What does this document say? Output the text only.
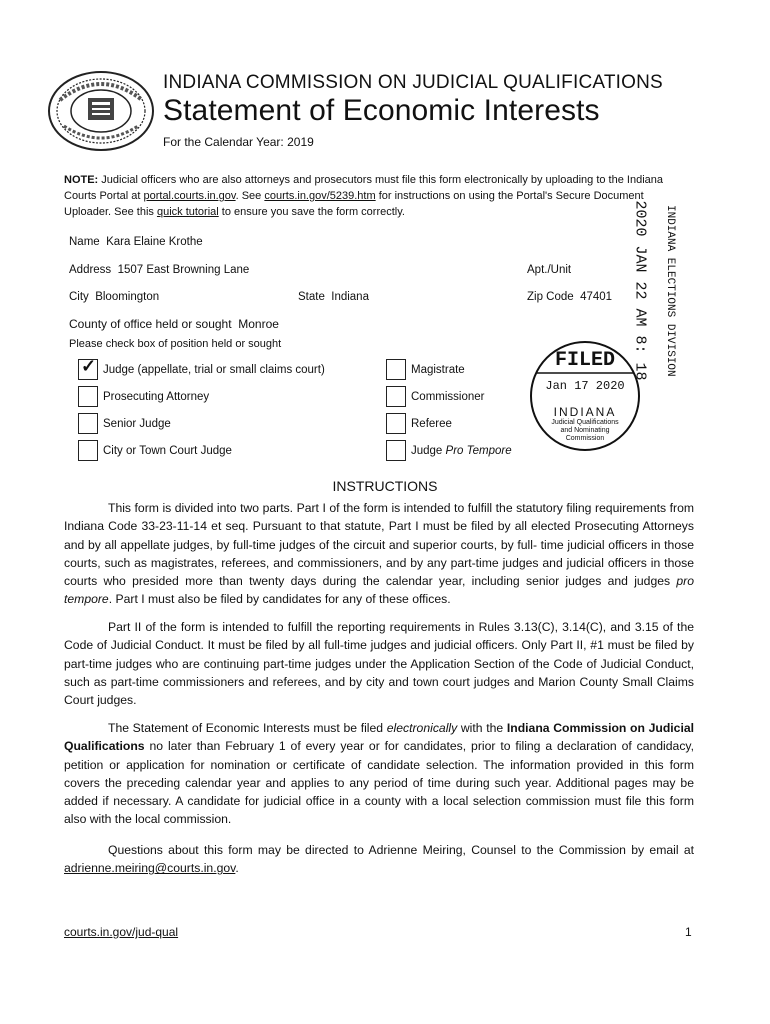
INDIANA COMMISSION ON JUDICIAL QUALIFICATIONS
Statement of Economic Interests
For the Calendar Year: 2019
NOTE: Judicial officers who are also attorneys and prosecutors must file this form electronically by uploading to the Indiana Courts Portal at portal.courts.in.gov. See courts.in.gov/5239.htm for instructions on using the Portal's Secure Document Uploader. See this quick tutorial to ensure you save the form correctly.
Name Kara Elaine Krothe
Address 1507 East Browning Lane	Apt./Unit
City Bloomington	State Indiana	Zip Code 47401
County of office held or sought Monroe
Please check box of position held or sought
✓ Judge (appellate, trial or small claims court)
Prosecuting Attorney
Senior Judge
City or Town Court Judge
Magistrate
Commissioner
Referee
Judge Pro Tempore
FILED
Jan 17 2020
INDIANA
Judicial Qualifications
and Nominating
Commission
2020 JAN 22 AM 8: 18 INDIANA ELECTIONS DIVISION
INSTRUCTIONS
This form is divided into two parts. Part I of the form is intended to fulfill the statutory filing requirements from Indiana Code 33-23-11-14 et seq. Pursuant to that statute, Part I must be filed by all elected Prosecuting Attorneys and by all appellate judges, by full-time judges of the circuit and superior courts, by full- time judicial officers in those courts, such as magistrates, referees, and commissioners, and by any part-time judges and judicial officers in those courts who presided more than twenty days during the calendar year, including senior judges and judges pro tempore. Part I must also be filed by candidates for any of these offices.
Part II of the form is intended to fulfill the reporting requirements in Rules 3.13(C), 3.14(C), and 3.15 of the Code of Judicial Conduct. It must be filed by all full-time judges and judicial officers. Only Part II, #1 must be filed by part-time judges who are continuing part-time judges under the Application Section of the Code of Judicial Conduct, such as part-time commissioners and referees, and by city and town court judges and Marion County Small Claims Court judges.
The Statement of Economic Interests must be filed electronically with the Indiana Commission on Judicial Qualifications no later than February 1 of every year or for candidates, prior to filing a declaration of candidacy, petition or application for nomination or certificate of candidate selection. The information provided in this form covers the preceding calendar year and applies to any period of time during such year. Additional pages may be added if necessary. A candidate for judicial office in a county with a local selection commission must file this form also with the local commission.
Questions about this form may be directed to Adrienne Meiring, Counsel to the Commission by email at adrienne.meiring@courts.in.gov.
courts.in.gov/jud-qual	1
